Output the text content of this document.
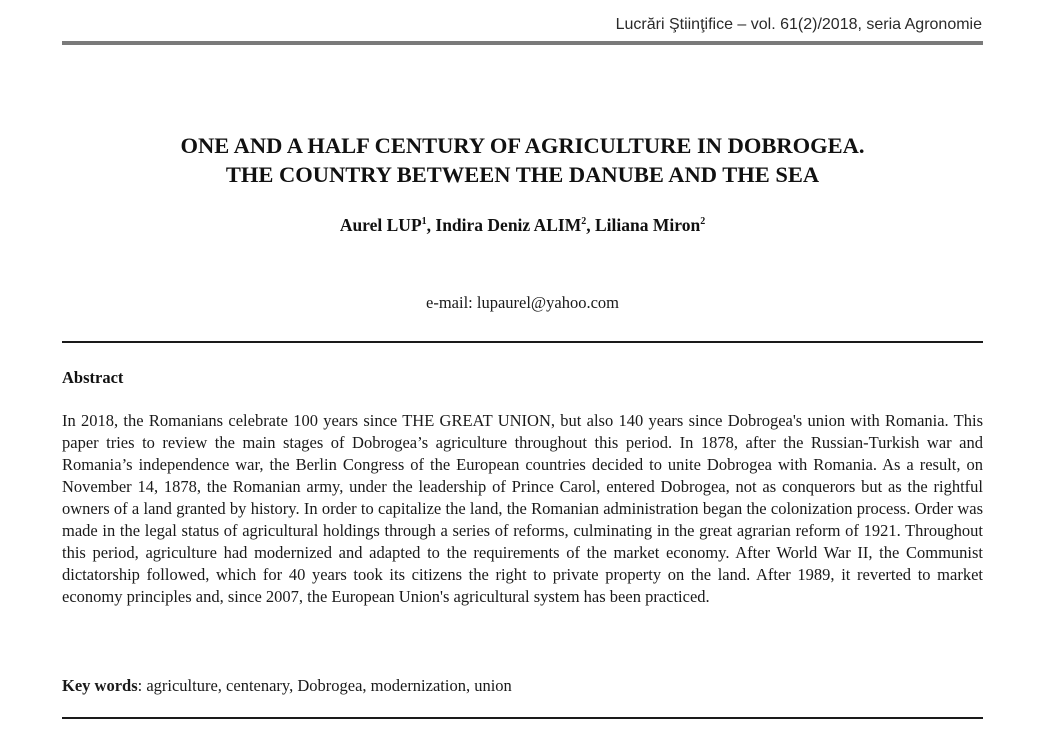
Lucrări Ştiinţifice – vol. 61(2)/2018, seria Agronomie
ONE AND A HALF CENTURY OF AGRICULTURE IN DOBROGEA.
THE COUNTRY BETWEEN THE DANUBE AND THE SEA
Aurel LUP$^1$, Indira Deniz ALIM$^2$, Liliana Miron$^2$
e-mail: lupaurel@yahoo.com
Abstract

In 2018, the Romanians celebrate 100 years since THE GREAT UNION, but also 140 years since Dobrogea's union with Romania. This paper tries to review the main stages of Dobrogea’s agriculture throughout this period. In 1878, after the Russian-Turkish war and Romania’s independence war, the Berlin Congress of the European countries decided to unite Dobrogea with Romania. As a result, on November 14, 1878, the Romanian army, under the leadership of Prince Carol, entered Dobrogea, not as conquerors but as the rightful owners of a land granted by history. In order to capitalize the land, the Romanian administration began the colonization process. Order was made in the legal status of agricultural holdings through a series of reforms, culminating in the great agrarian reform of 1921. Throughout this period, agriculture had modernized and adapted to the requirements of the market economy. After World War II, the Communist dictatorship followed, which for 40 years took its citizens the right to private property on the land. After 1989, it reverted to market economy principles and, since 2007, the European Union's agricultural system has been practiced.

Key words: agriculture, centenary, Dobrogea, modernization, union
